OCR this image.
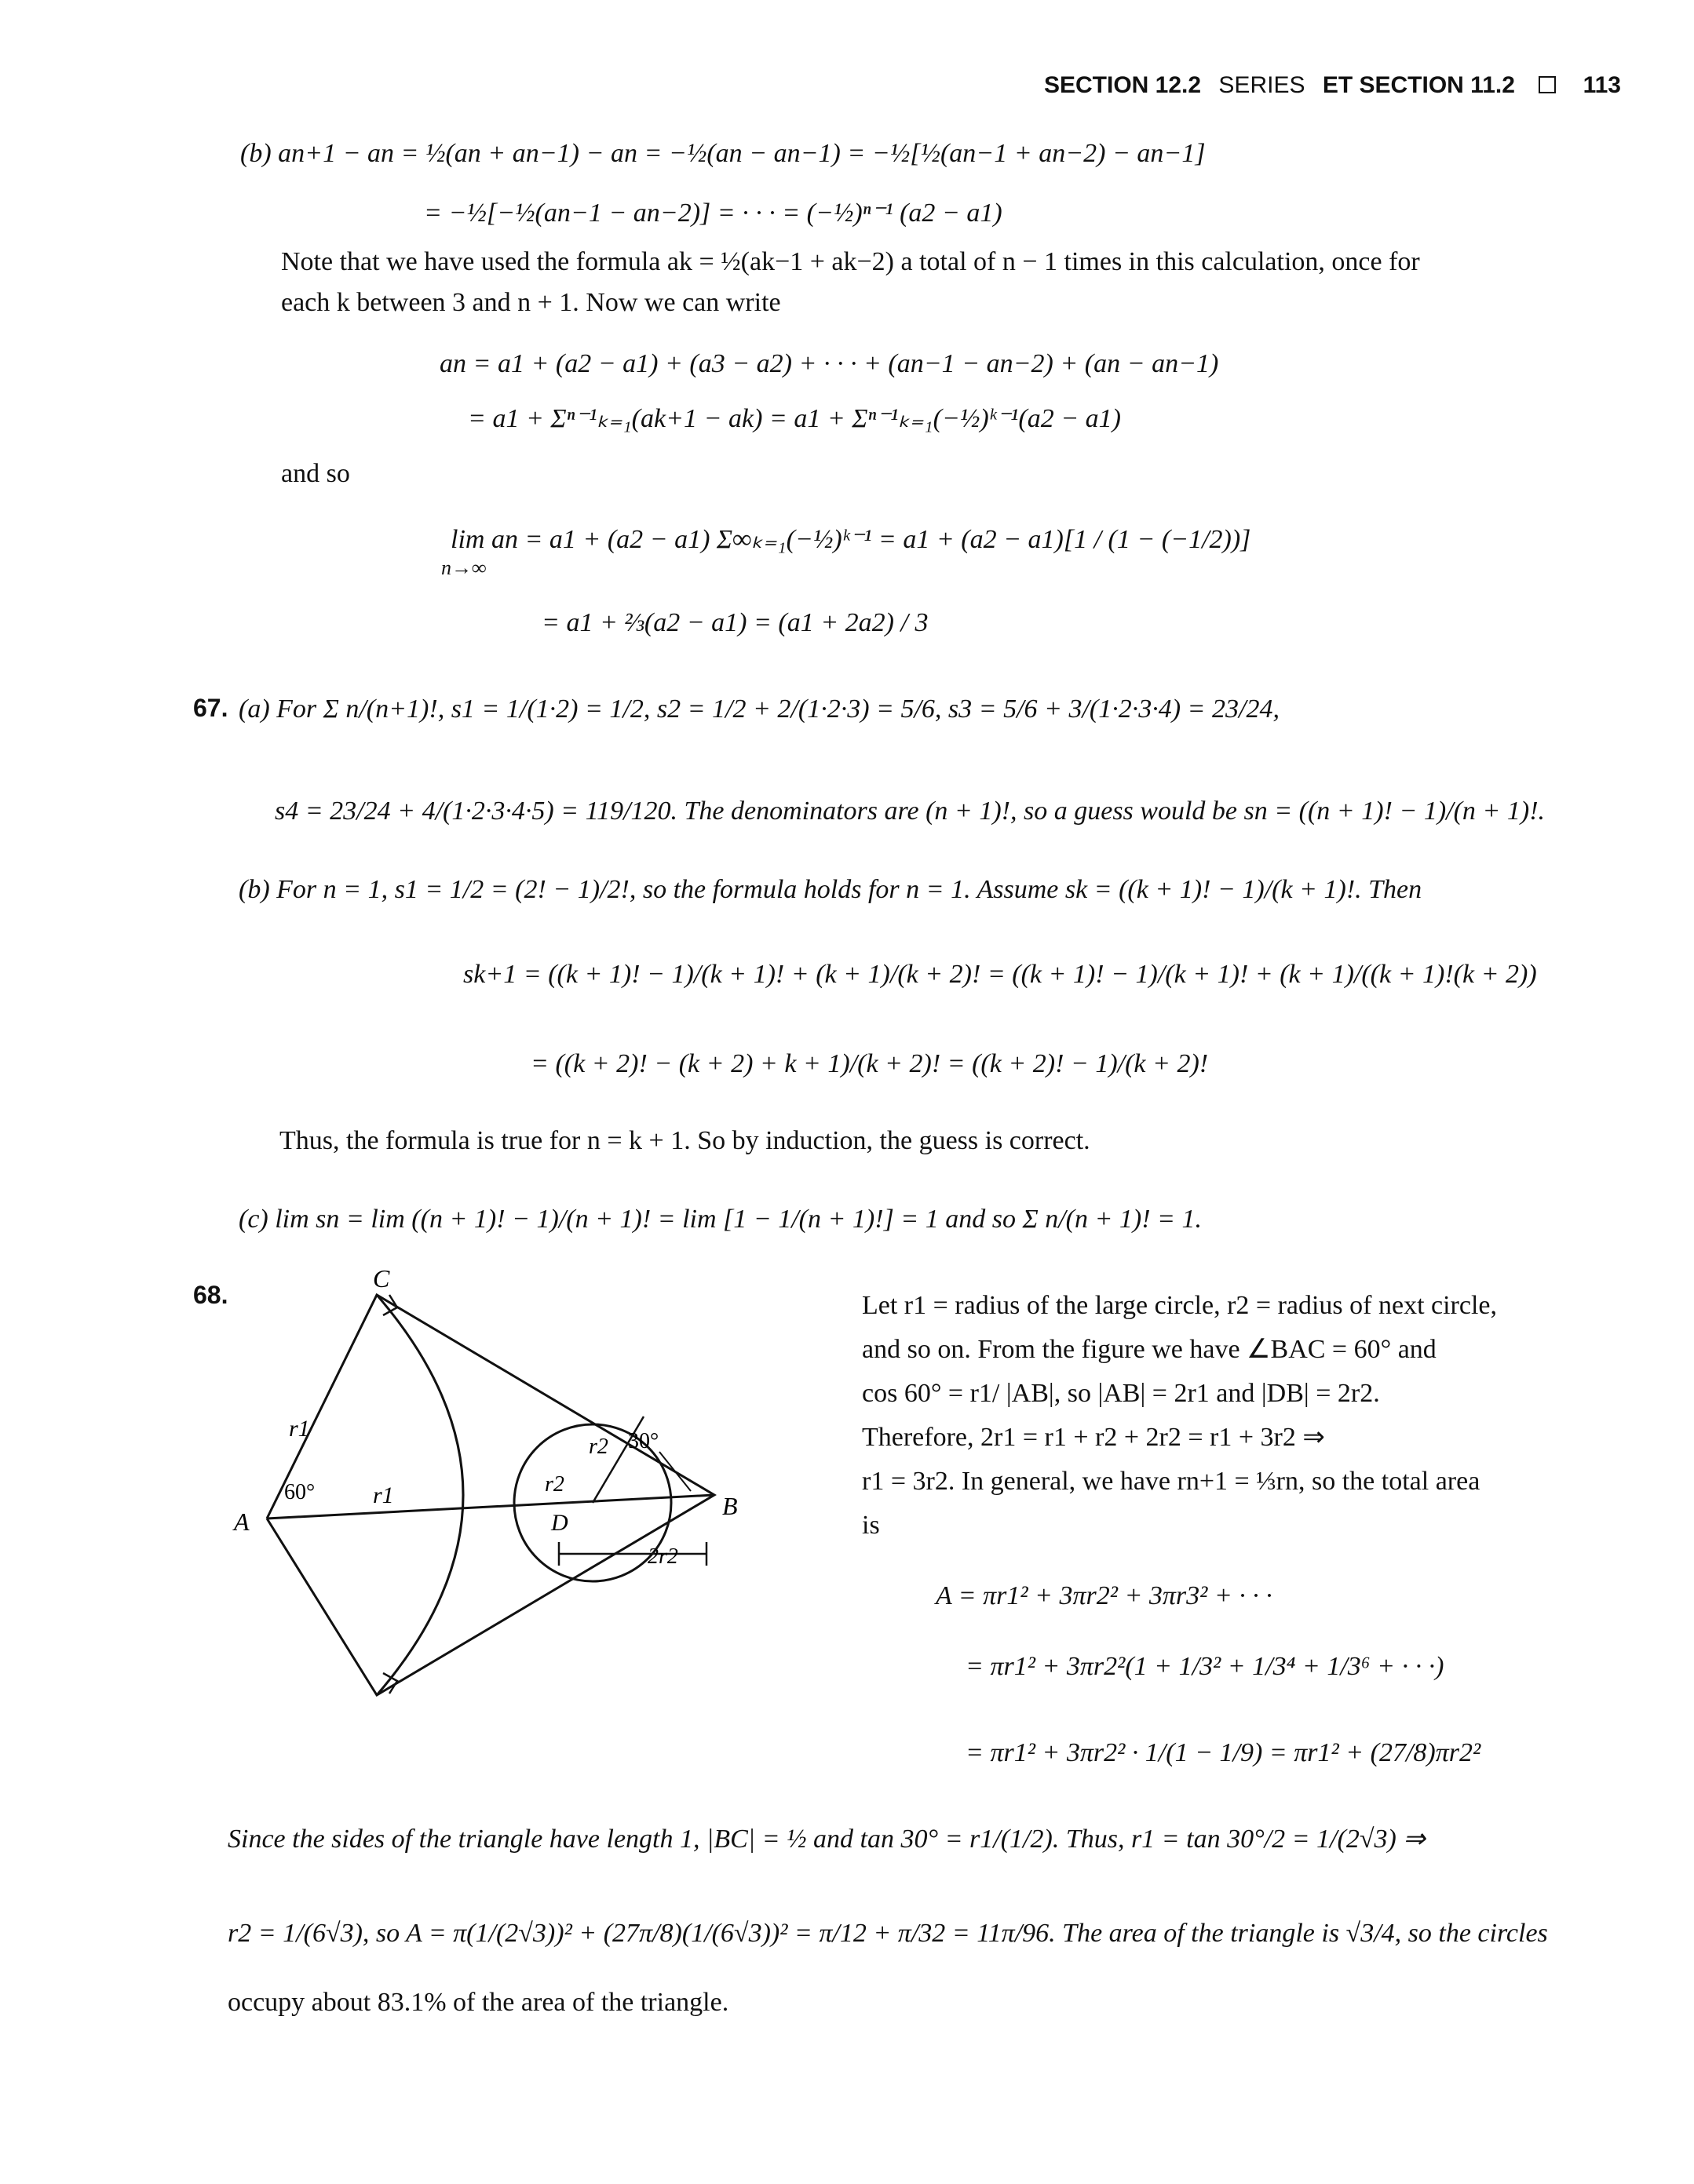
SECTION 12.2 SERIES ET SECTION 11.2	113
(b) an+1 − an = ½(an + an−1) − an = −½(an − an−1) = −½[½(an−1 + an−2) − an−1]
= −½[−½(an−1 − an−2)] = · · · = (−½)ⁿ⁻¹ (a2 − a1)
Note that we have used the formula ak = ½(ak−1 + ak−2) a total of n − 1 times in this calculation, once for
each k between 3 and n + 1. Now we can write
an = a1 + (a2 − a1) + (a3 − a2) + · · · + (an−1 − an−2) + (an − an−1)
= a1 + Σⁿ⁻¹ₖ₌₁(ak+1 − ak) = a1 + Σⁿ⁻¹ₖ₌₁(−½)ᵏ⁻¹(a2 − a1)
and so
lim an = a1 + (a2 − a1) Σ∞ₖ₌₁(−½)ᵏ⁻¹ = a1 + (a2 − a1)[1 / (1 − (−1/2))]
n→∞
= a1 + ⅔(a2 − a1) = (a1 + 2a2) / 3
67. (a) For Σ n/(n+1)!, s1 = 1/(1·2) = 1/2, s2 = 1/2 + 2/(1·2·3) = 5/6, s3 = 5/6 + 3/(1·2·3·4) = 23/24,
s4 = 23/24 + 4/(1·2·3·4·5) = 119/120. The denominators are (n + 1)!, so a guess would be sn = ((n + 1)! − 1)/(n + 1)!.
(b) For n = 1, s1 = 1/2 = (2! − 1)/2!, so the formula holds for n = 1. Assume sk = ((k + 1)! − 1)/(k + 1)!. Then
sk+1 = ((k + 1)! − 1)/(k + 1)! + (k + 1)/(k + 2)! = ((k + 1)! − 1)/(k + 1)! + (k + 1)/((k + 1)!(k + 2))
= ((k + 2)! − (k + 2) + k + 1)/(k + 2)! = ((k + 2)! − 1)/(k + 2)!
Thus, the formula is true for n = k + 1. So by induction, the guess is correct.
(c) lim sn = lim ((n + 1)! − 1)/(n + 1)! = lim [1 − 1/(n + 1)!] = 1 and so Σ n/(n + 1)! = 1.
68.
C
A
B
D
r1
r1	r2
r2
60°
30°
2r2
Let r1 = radius of the large circle, r2 = radius of next circle,
and so on. From the figure we have ∠BAC = 60° and
cos 60° = r1/ |AB|, so |AB| = 2r1 and |DB| = 2r2.
Therefore, 2r1 = r1 + r2 + 2r2 = r1 + 3r2 ⇒
r1 = 3r2. In general, we have rn+1 = ⅓rn, so the total area
is
A = πr1² + 3πr2² + 3πr3² + · · ·
= πr1² + 3πr2²(1 + 1/3² + 1/3⁴ + 1/3⁶ + · · ·)
= πr1² + 3πr2² · 1/(1 − 1/9) = πr1² + (27/8)πr2²
Since the sides of the triangle have length 1, |BC| = ½ and tan 30° = r1/(1/2). Thus, r1 = tan 30°/2 = 1/(2√3) ⇒
r2 = 1/(6√3), so A = π(1/(2√3))² + (27π/8)(1/(6√3))² = π/12 + π/32 = 11π/96. The area of the triangle is √3/4, so the circles
occupy about 83.1% of the area of the triangle.
